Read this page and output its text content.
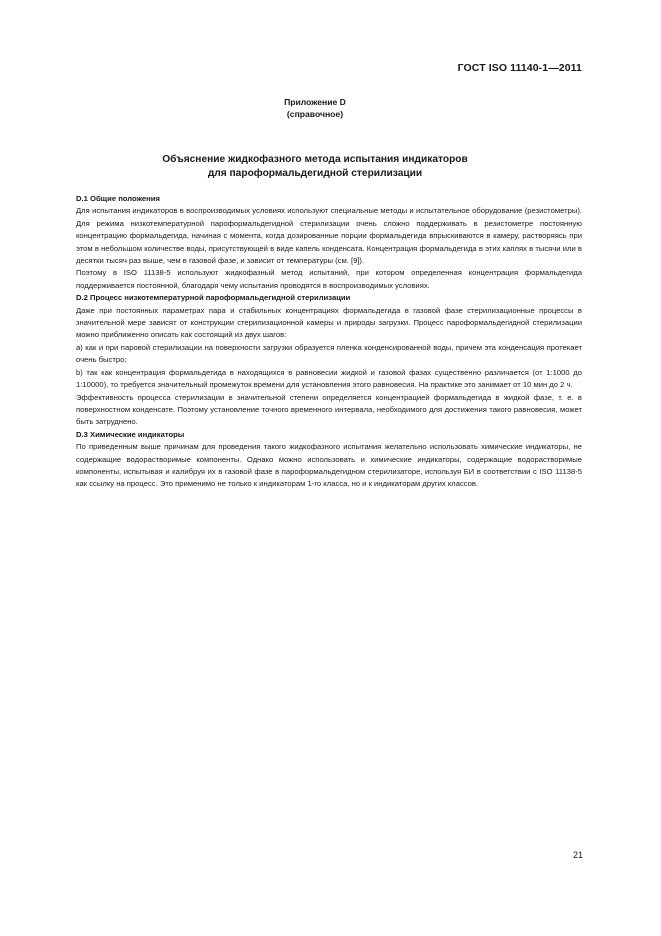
ГОСТ ISO 11140-1—2011
Приложение D
(справочное)
Объяснение жидкофазного метода испытания индикаторов
для пароформальдегидной стерилизации
D.1 Общие положения

Для испытания индикаторов в воспроизводимых условиях используют специальные методы и испытательное оборудование (резистометры). Для режима низкотемпературной пароформальдегидной стерилизации очень сложно поддерживать в резистометре постоянную концентрацию формальдегида, начиная с момента, когда дозированные порции формальдегида впрыскиваются в камеру, растворяясь при этом в небольшом количестве воды, присутствующей в виде капель конденсата. Концентрация формальдегида в этих каплях в тысячи или в десятки тысяч раз выше, чем в газовой фазе, и зависит от температуры (см. [9]).

Поэтому в ISO 11138-5 используют жидкофазный метод испытаний, при котором определенная концентрация формальдегида поддерживается постоянной, благодаря чему испытания проводятся в воспроизводимых условиях.

D.2 Процесс низкотемпературной пароформальдегидной стерилизации

Даже при постоянных параметрах пара и стабильных концентрациях формальдегида в газовой фазе стерилизационные процессы в значительной мере зависят от конструкции стерилизационной камеры и природы загрузки. Процесс пароформальдегидной стерилизации можно приближенно описать как состоящий из двух шагов:

a) как и при паровой стерилизации на поверхности загрузки образуется пленка конденсированной воды, причем эта конденсация протекает очень быстро;

b) так как концентрация формальдегида в находящихся в равновесии жидкой и газовой фазах существенно различается (от 1:1000 до 1:10000), то требуется значительный промежуток времени для установления этого равновесия. На практике это занимает от 10 мин до 2 ч.

Эффективность процесса стерилизации в значительной степени определяется концентрацией формальдегида в жидкой фазе, т. е. в поверхностном конденсате. Поэтому установление точного временного интервала, необходимого для достижения такого равновесия, может быть затруднено.

D.3 Химические индикаторы

По приведенным выше причинам для проведения такого жидкофазного испытания желательно использовать химические индикаторы, не содержащие водорастворимые компоненты. Однако можно использовать и химические индикаторы, содержащие водорастворимые компоненты, испытывая и калибруя их в газовой фазе в пароформальдегидном стерилизаторе, используя БИ в соответствии с ISO 11138-5 как ссылку на процесс. Это применимо не только к индикаторам 1-го класса, но и к индикаторам других классов.

21
